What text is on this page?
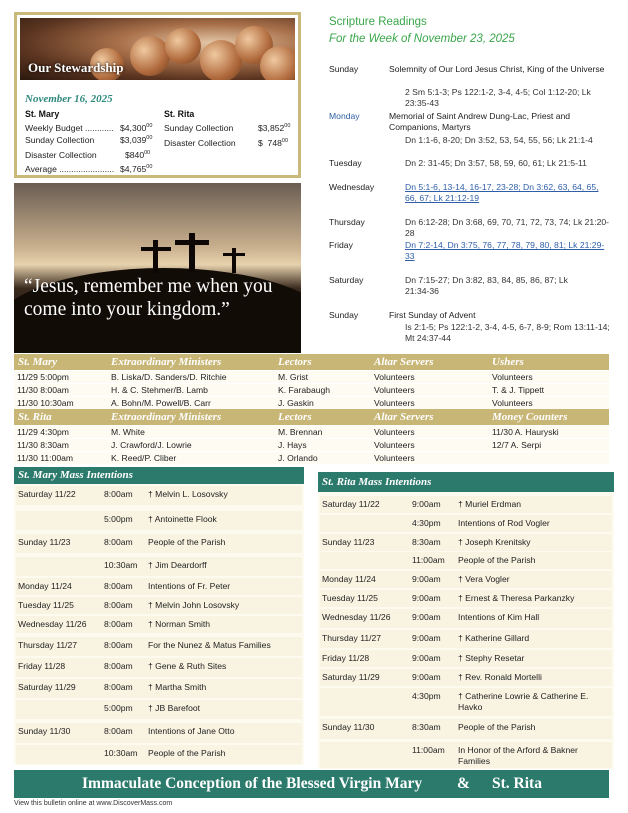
Our Stewardship
November 16, 2025
St. Mary
Weekly Budget ............ $4,300$^{00}$
Sunday Collection	$3,039$^{00}$
Disaster Collection	$\$840^{00}$
Average ....................... $4,765$^{00}$
St. Rita
Sunday Collection	$3,852$^{00}$
Disaster Collection	$  $748^{00}$
“Jesus, remember me when you come into your kingdom.”
Scripture Readings
For the Week of November 23, 2025
Sunday	Solemnity of Our Lord Jesus Christ, King of the Universe
2 Sm 5:1-3; Ps 122:1-2, 3-4, 4-5; Col 1:12-20; Lk 23:35-43
Monday	Memorial of Saint Andrew Dung-Lac, Priest and Companions, Martyrs
Dn 1:1-6, 8-20; Dn 3:52, 53, 54, 55, 56; Lk 21:1-4
Tuesday	Dn 2: 31-45; Dn 3:57, 58, 59, 60, 61; Lk 21:5-11
Wednesday	Dn 5:1-6, 13-14, 16-17, 23-28; Dn 3:62, 63, 64, 65, 66, 67; Lk 21:12-19
Thursday	Dn 6:12-28; Dn 3:68, 69, 70, 71, 72, 73, 74; Lk 21:20-28
Friday	Dn 7:2-14, Dn 3:75, 76, 77, 78, 79, 80, 81; Lk 21:29-33
Saturday	Dn 7:15-27; Dn 3:82, 83, 84, 85, 86, 87; Lk        21:34-36
Sunday	First Sunday of Advent
Is 2:1-5; Ps 122:1-2, 3-4, 4-5, 6-7, 8-9; Rom 13:11-14; Mt 24:37-44
St. Mary	Extraordinary Ministers	Lectors	Altar Servers	Ushers
11/29 5:00pm	B. Liska/D. Sanders/D. Ritchie	M. Grist	Volunteers	Volunteers
11/30 8:00am	H. & C. Stehmer/B. Lamb	K. Farabaugh	Volunteers	T. & J. Tippett
11/30 10:30am	A. Bohn/M. Powell/B. Carr	J. Gaskin	Volunteers	Volunteers
St. Rita	Extraordinary Ministers	Lectors	Altar Servers	Money Counters
11/29 4:30pm	M. White	M. Brennan	Volunteers	11/30 A. Hauryski
11/30 8:30am	J. Crawford/J. Lowrie	J. Hays	Volunteers	12/7 A. Serpi
11/30 11:00am	K. Reed/P. Cliber	J. Orlando	Volunteers
St. Mary Mass Intentions
Saturday 11/22	8:00am † Melvin L. Losovsky
5:00pm † Antoinette Flook
Sunday 11/23	8:00am People of the Parish
10:30am † Jim Deardorff
Monday 11/24	8:00am Intentions of Fr. Peter
Tuesday 11/25	8:00am † Melvin John Losovsky
Wednesday 11/26 8:00am † Norman Smith
Thursday 11/27	8:00am For the Nunez & Matus Families
Friday 11/28	8:00am † Gene & Ruth Sites
Saturday 11/29	8:00am † Martha Smith
5:00pm † JB Barefoot
Sunday 11/30	8:00am Intentions of Jane Otto
10:30am People of the Parish
St. Rita Mass Intentions
Saturday 11/22	9:00am † Muriel Erdman
4:30pm Intentions of Rod Vogler
Sunday 11/23	8:30am † Joseph Krenitsky
11:00am People of the Parish
Monday 11/24	9:00am † Vera Vogler
Tuesday 11/25	9:00am † Ernest & Theresa Parkanzky
Wednesday 11/26	9:00am Intentions of Kim Hall
Thursday 11/27	9:00am † Katherine Gillard
Friday 11/28	9:00am † Stephy Resetar
Saturday 11/29	9:00am † Rev. Ronald Mortelli
4:30pm † Catherine Lowrie & Catherine E. Havko
Sunday 11/30	8:30am People of the Parish
11:00am In Honor of the Arford & Bakner Families
Immaculate Conception of the Blessed Virgin Mary & St. Rita
View this bulletin online at www.DiscoverMass.com
